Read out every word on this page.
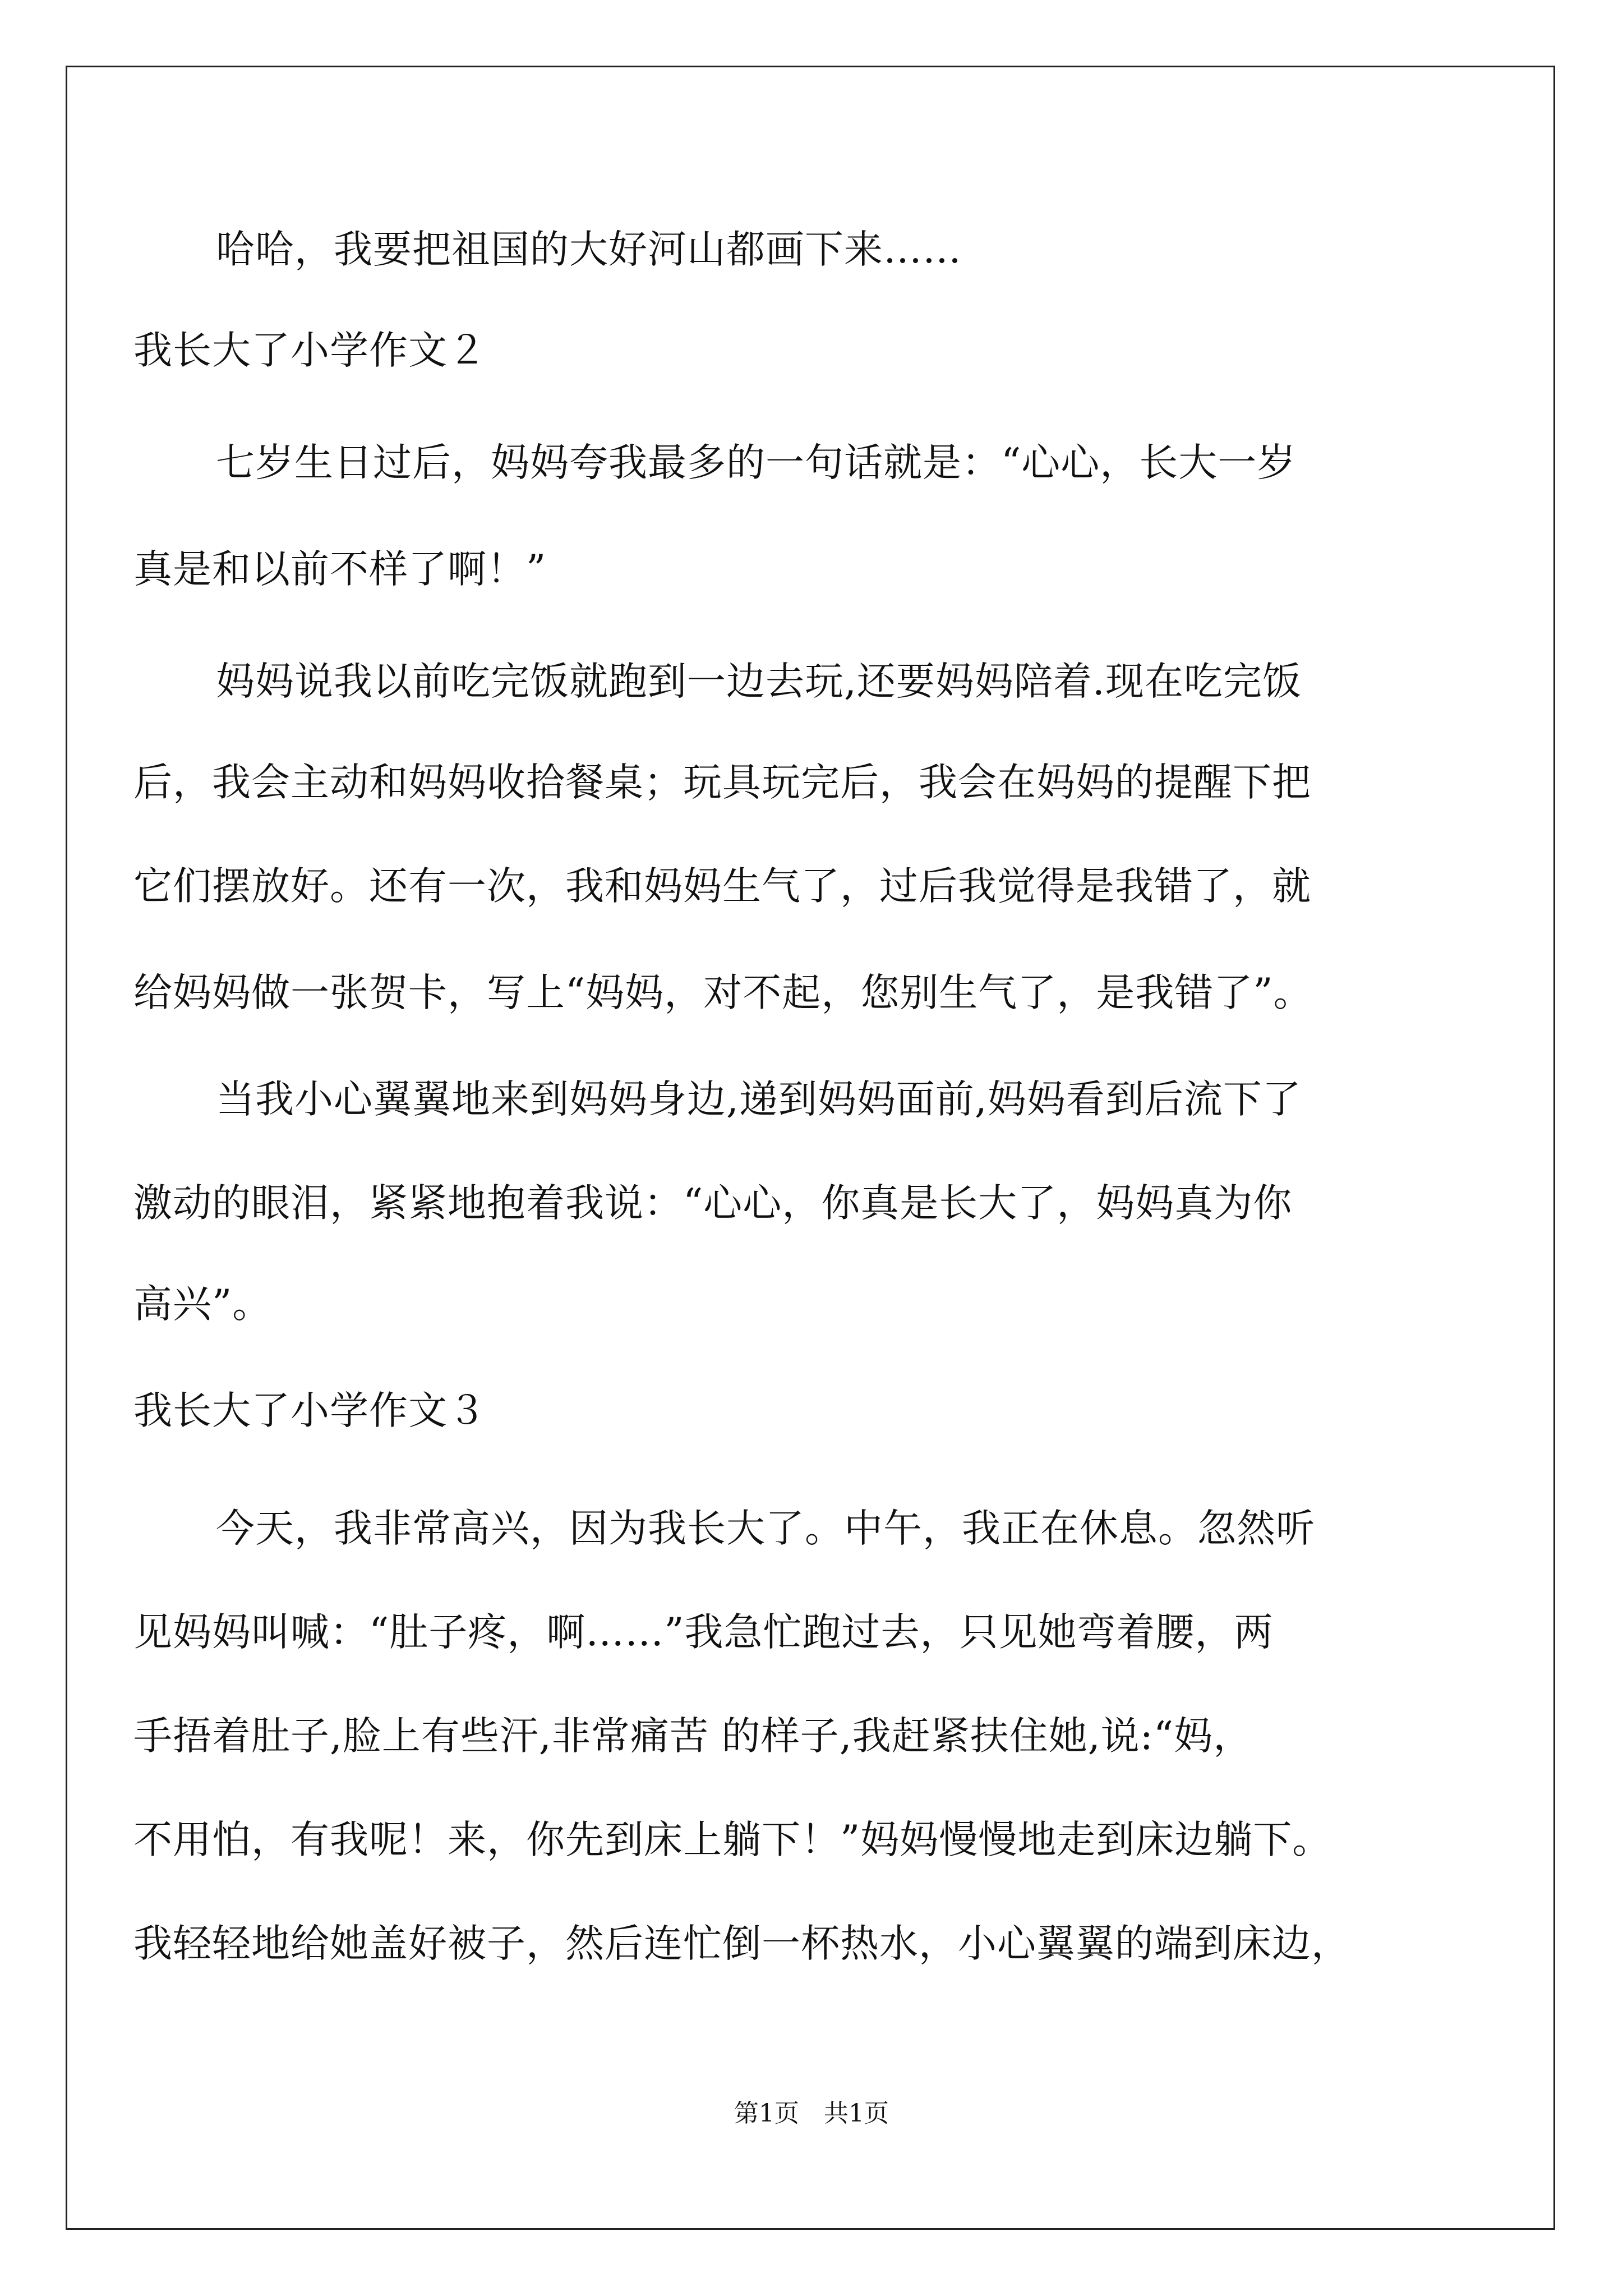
哈哈，我要把祖国的大好河山都画下来……
我长大了小学作文２
七岁生日过后，妈妈夸我最多的一句话就是：“心心，长大一岁
真是和以前不样了啊！”
妈妈说我以前吃完饭就跑到一边去玩,还要妈妈陪着.现在吃完饭
后，我会主动和妈妈收拾餐桌；玩具玩完后，我会在妈妈的提醒下把
它们摆放好。还有一次，我和妈妈生气了，过后我觉得是我错了，就
给妈妈做一张贺卡，写上“妈妈，对不起，您别生气了，是我错了”。
当我小心翼翼地来到妈妈身边,递到妈妈面前,妈妈看到后流下了
激动的眼泪，紧紧地抱着我说：“心心，你真是长大了，妈妈真为你
高兴”。
我长大了小学作文３
今天，我非常高兴，因为我长大了。中午，我正在休息。忽然听
见妈妈叫喊：“肚子疼，啊……”我急忙跑过去，只见她弯着腰，两
手捂着肚子,脸上有些汗,非常痛苦 的样子,我赶紧扶住她,说:“妈，
不用怕，有我呢！来，你先到床上躺下！”妈妈慢慢地走到床边躺下。
我轻轻地给她盖好被子，然后连忙倒一杯热水，小心翼翼的端到床边，
第1页　共1页
